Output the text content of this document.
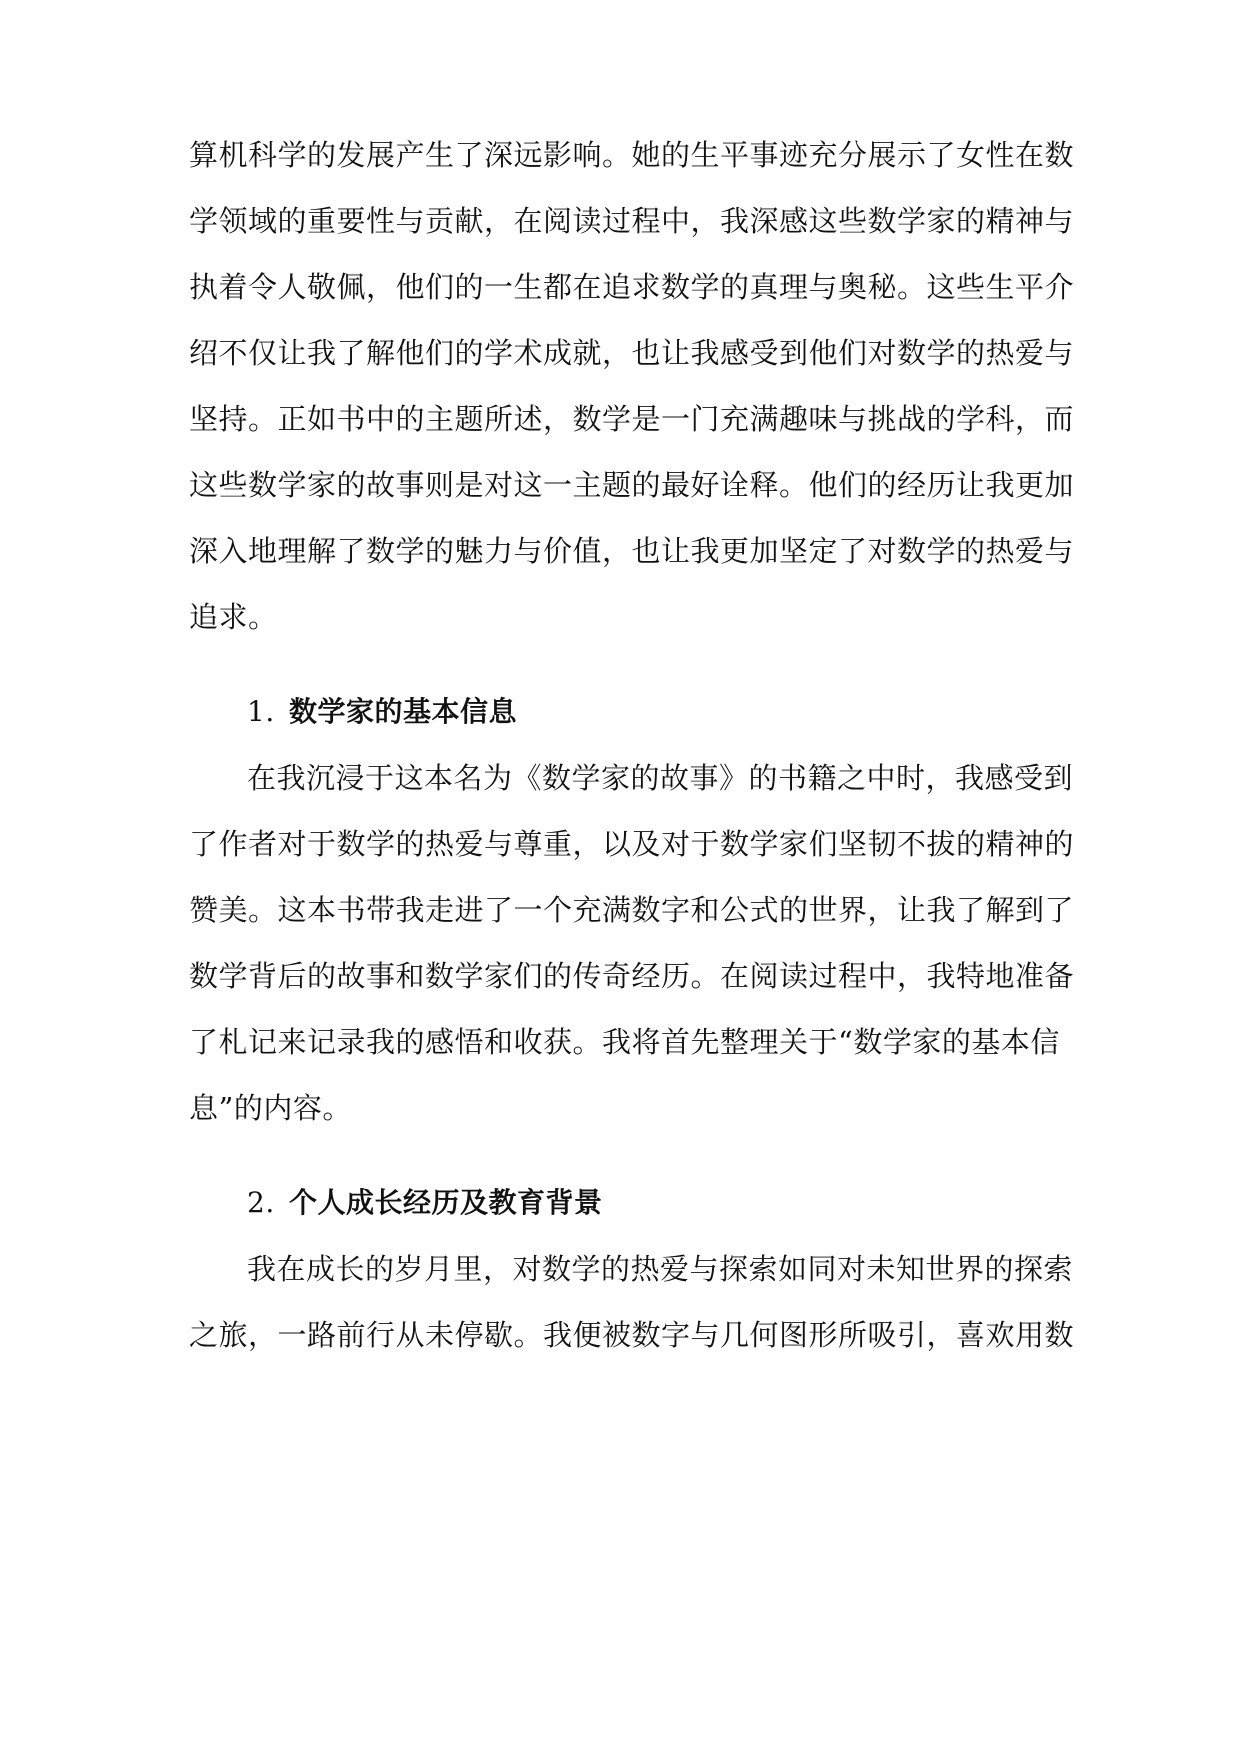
算机科学的发展产生了深远影响。她的生平事迹充分展示了女性在数
学领域的重要性与贡献，在阅读过程中，我深感这些数学家的精神与
执着令人敬佩，他们的一生都在追求数学的真理与奥秘。这些生平介
绍不仅让我了解他们的学术成就，也让我感受到他们对数学的热爱与
坚持。正如书中的主题所述，数学是一门充满趣味与挑战的学科，而
这些数学家的故事则是对这一主题的最好诠释。他们的经历让我更加
深入地理解了数学的魅力与价值，也让我更加坚定了对数学的热爱与
追求。
1. 数学家的基本信息
在我沉浸于这本名为《数学家的故事》的书籍之中时，我感受到
了作者对于数学的热爱与尊重，以及对于数学家们坚韧不拔的精神的
赞美。这本书带我走进了一个充满数字和公式的世界，让我了解到了
数学背后的故事和数学家们的传奇经历。在阅读过程中，我特地准备
了札记来记录我的感悟和收获。我将首先整理关于“数学家的基本信
息”的内容。
2. 个人成长经历及教育背景
我在成长的岁月里，对数学的热爱与探索如同对未知世界的探索
之旅，一路前行从未停歇。我便被数字与几何图形所吸引，喜欢用数
